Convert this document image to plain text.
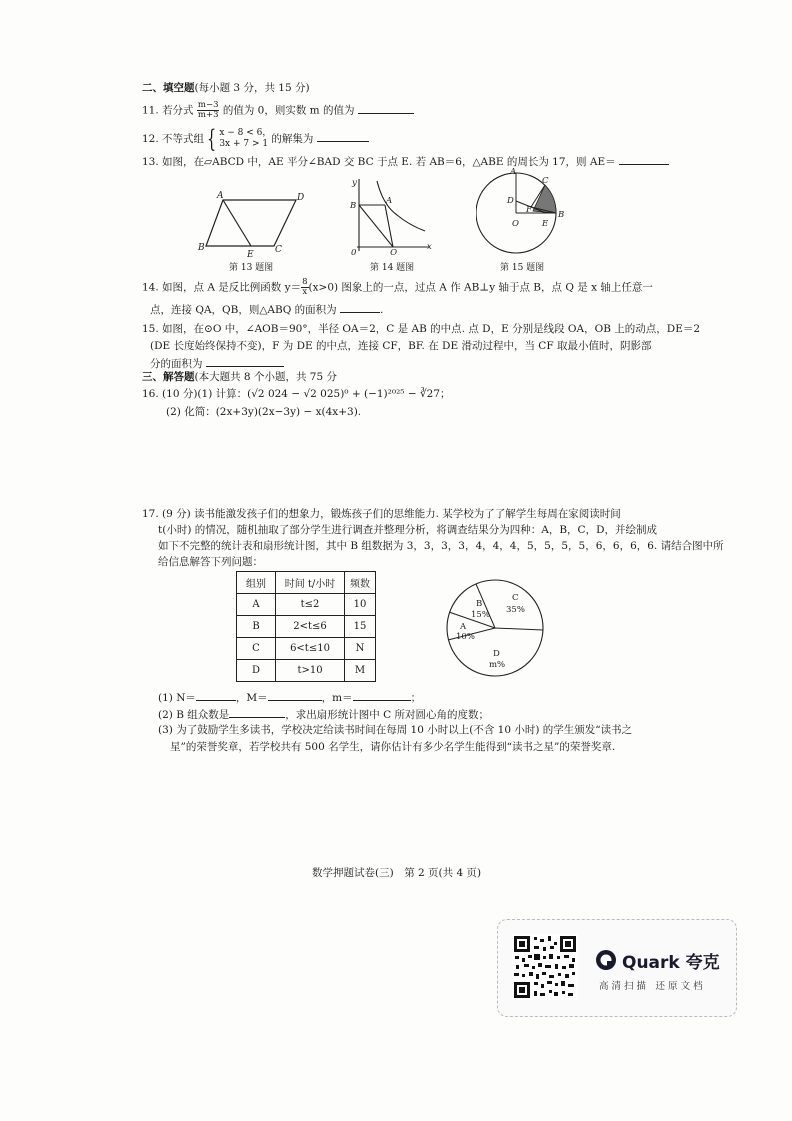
二、填空题(每小题 3 分，共 15 分)
11. 若分式 $\frac{m-3}{m+3}$ 的值为 0，则实数 m 的值为
12. 不等式组 { x − 8 < 6，
3x + 7 > 1 的解集为
13. 如图，在▱ABCD 中，AE 平分∠BAD 交 BC 于点 E. 若 AB＝6，△ABE 的周长为 17，则 AE＝
A	D
B
E C
第 13 题图
y
B	A
0	Q
x
第 14 题图
A
C
D
F	B
O	E
第 15 题图
14. 如图，点 A 是反比例函数 $y= \frac{8}{x} (x>0)$ 图象上的一点，过点 A 作 AB⊥y 轴于点 B，点 Q 是 x 轴上任意一
点，连接 QA，QB，则△ABQ 的面积为	.
15. 如图，在⊙O 中，∠AOB＝90°，半径 OA＝2，C 是 AB 的中点. 点 D，E 分别是线段 OA，OB 上的动点，DE＝2
(DE 长度始终保持不变)，F 为 DE 的中点，连接 CF，BF. 在 DE 滑动过程中，当 CF 取最小值时，阴影部
分的面积为
三、解答题(本大题共 8 个小题，共 75 分
16. (10 分)(1) 计算：(√2 024 − √2 025)⁰ + (−1)²⁰²⁵ − ∛27；
(2) 化简：(2x+3y)(2x−3y) − x(4x+3).
17. (9 分) 读书能激发孩子们的想象力，锻炼孩子们的思维能力. 某学校为了了解学生每周在家阅读时间
t(小时) 的情况，随机抽取了部分学生进行调查并整理分析，将调查结果分为四种：A，B，C，D，并绘制成
如下不完整的统计表和扇形统计图，其中 B 组数据为 3，3，3，3，4，4，4，5，5，5，5，6，6，6，6. 请结合图中所
给信息解答下列问题：
组别	时间 t/小时	频数
A	t≤2	10
B	2<t≤6	15
C	6<t≤10	N
D	t>10	M
B
15%
C
35%
A
10%
D
m%
(1) N＝	，M＝	，m＝	；
(2) B 组众数是	，求出扇形统计图中 C 所对圆心角的度数；
(3) 为了鼓励学生多读书，学校决定给读书时间在每周 10 小时以上(不含 10 小时) 的学生颁发“读书之
星”的荣誉奖章，若学校共有 500 名学生，请你估计有多少名学生能得到“读书之星”的荣誉奖章.
数学押题试卷(三)　第 2 页(共 4 页)
Quark 夸克
高 清 扫 描　还 原 文 档
